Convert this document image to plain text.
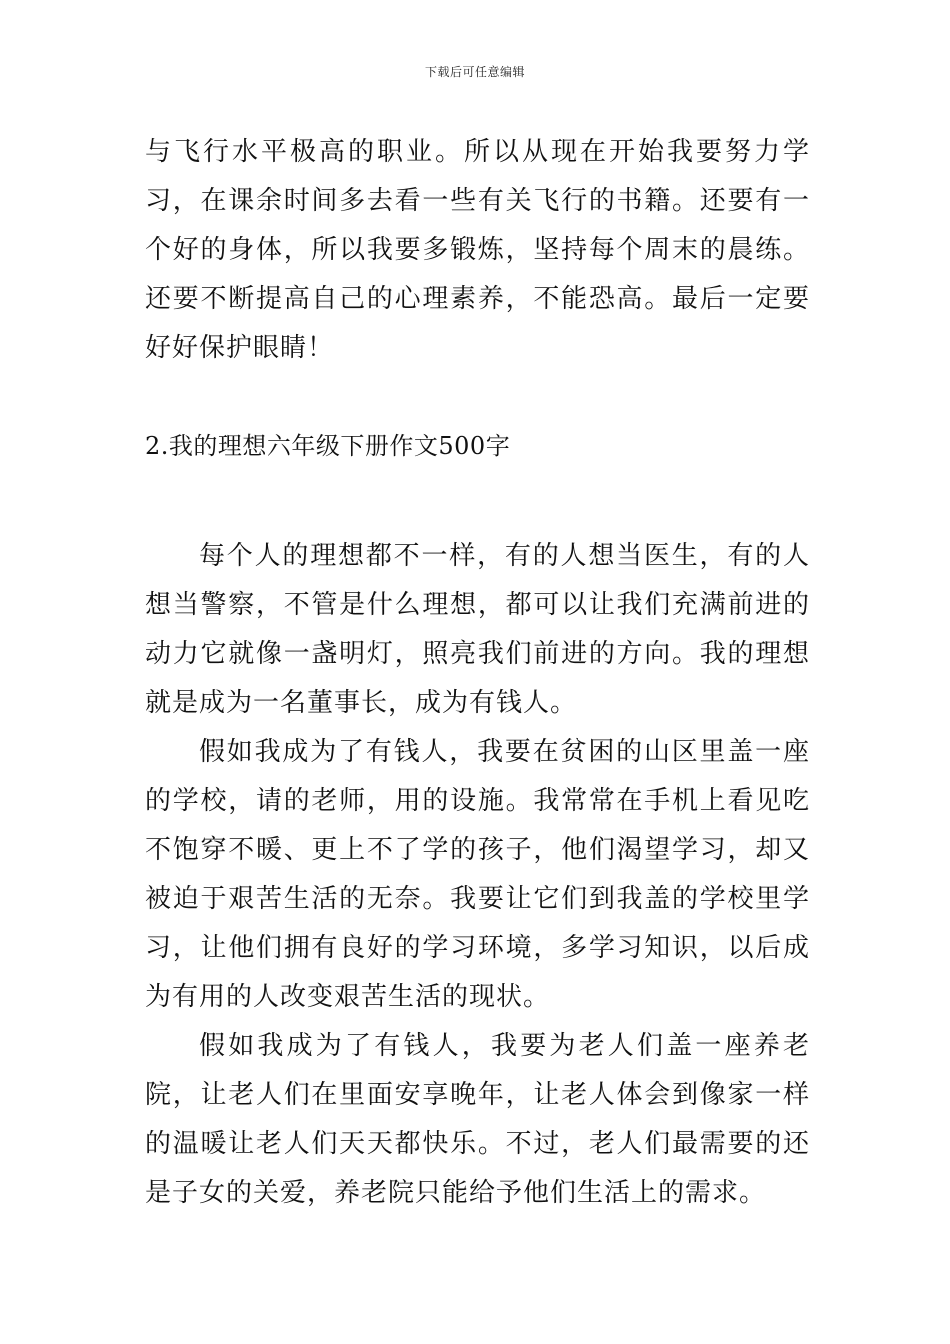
下载后可任意编辑

与飞行水平极高的职业。所以从现在开始我要努力学习，在课余时间多去看一些有关飞行的书籍。还要有一个好的身体，所以我要多锻炼，坚持每个周末的晨练。还要不断提高自己的心理素养，不能恐高。最后一定要好好保护眼睛！

2.我的理想六年级下册作文500字

每个人的理想都不一样，有的人想当医生，有的人想当警察，不管是什么理想，都可以让我们充满前进的动力它就像一盏明灯，照亮我们前进的方向。我的理想就是成为一名董事长，成为有钱人。

假如我成为了有钱人，我要在贫困的山区里盖一座的学校，请的老师，用的设施。我常常在手机上看见吃不饱穿不暖、更上不了学的孩子，他们渴望学习，却又被迫于艰苦生活的无奈。我要让它们到我盖的学校里学习，让他们拥有良好的学习环境，多学习知识，以后成为有用的人改变艰苦生活的现状。

假如我成为了有钱人，我要为老人们盖一座养老院，让老人们在里面安享晚年，让老人体会到像家一样的温暖让老人们天天都快乐。不过，老人们最需要的还是子女的关爱，养老院只能给予他们生活上的需求。
